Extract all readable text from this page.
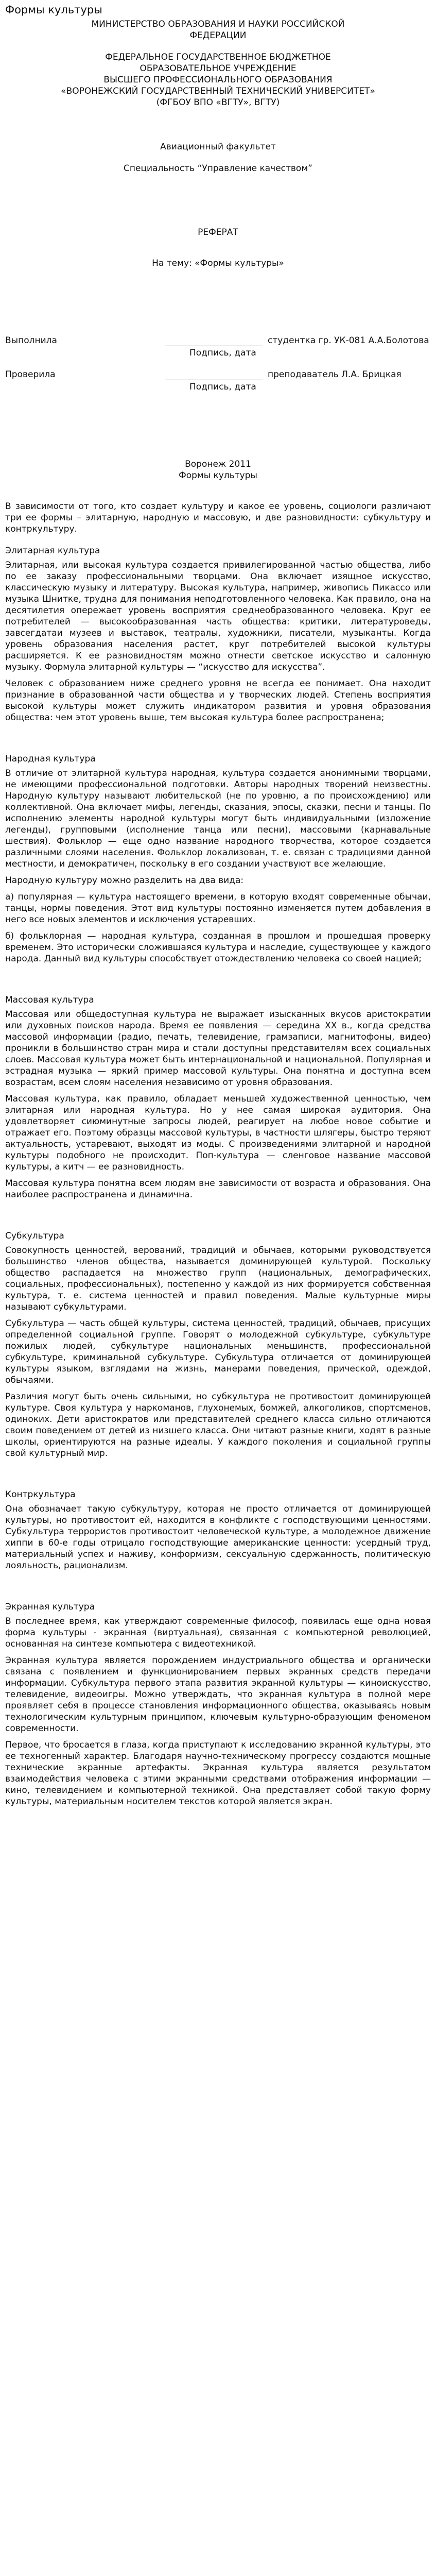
Формы культуры
МИНИСТЕРСТВО ОБРАЗОВАНИЯ И НАУКИ РОССИЙСКОЙ
ФЕДЕРАЦИИ
ФЕДЕРАЛЬНОЕ ГОСУДАРСТВЕННОЕ БЮДЖЕТНОЕ
ОБРАЗОВАТЕЛЬНОЕ УЧРЕЖДЕНИЕ
ВЫСШЕГО ПРОФЕССИОНАЛЬНОГО ОБРАЗОВАНИЯ
«ВОРОНЕЖСКИЙ ГОСУДАРСТВЕННЫЙ ТЕХНИЧЕСКИЙ УНИВЕРСИТЕТ»
(ФГБОУ ВПО «ВГТУ», ВГТУ)
Авиационный факультет
Специальность “Управление качеством”
РЕФЕРАТ
На тему: «Формы культуры»
Выполнила	студентка гр. УК-081 А.А.Болотова
Подпись, дата
Проверила	преподаватель Л.А. Брицкая
Подпись, дата
Воронеж 2011
Формы культуры

В зависимости от того, кто создает культуру и какое ее уровень, социологи различают три ее формы – элитарную, народную и массовую, и две разновидности: субкультуру и контркультуру.

Элитарная культура

Элитарная, или высокая культура создается привилегированной частью общества, либо по ее заказу профессиональными творцами. Она включает изящное искусство, классическую музыку и литературу. Высокая культура, например, живопись Пикассо или музыка Шнитке, трудна для понимания неподготовленного человека. Как правило, она на десятилетия опережает уровень восприятия среднеобразованного человека. Круг ее потребителей — высокообразованная часть общества: критики, литературоведы, завсегдатаи музеев и выставок, театралы, художники, писатели, музыканты. Когда уровень образования населения растет, круг потребителей высокой культуры расширяется. К ее разновидностям можно отнести светское искусство и салонную музыку. Формула элитарной культуры — “искусство для искусства”.

Человек с образованием ниже среднего уровня не всегда ее понимает. Она находит признание в образованной части общества и у творческих людей. Степень восприятия высокой культуры может служить индикатором развития и уровня образования общества: чем этот уровень выше, тем высокая культура более распространена;

Народная культура

В отличие от элитарной культура народная, культура создается анонимными творцами, не имеющими профессиональной подготовки. Авторы народных творений неизвестны. Народную культуру называют любительской (не по уровню, а по происхождению) или коллективной. Она включает мифы, легенды, сказания, эпосы, сказки, песни и танцы. По исполнению элементы народной культуры могут быть индивидуальными (изложение легенды), групповыми (исполнение танца или песни), массовыми (карнавальные шествия). Фольклор — еще одно название народного творчества, которое создается различными слоями населения. Фольклор локализован, т. е. связан с традициями данной местности, и демократичен, поскольку в его создании участвуют все желающие.

Народную культуру можно разделить на два вида:

а) популярная — культура настоящего времени, в которую входят современные обычаи, танцы, нормы поведения. Этот вид культуры постоянно изменяется путем добавления в него все новых элементов и исключения устаревших.

б) фольклорная — народная культура, созданная в прошлом и прошедшая проверку временем. Это исторически сложившаяся культура и наследие, существующее у каждого народа. Данный вид культуры способствует отождествлению человека со своей нацией;

Массовая культура

Массовая или общедоступная культура не выражает изысканных вкусов аристократии или духовных поисков народа. Время ее появления — середина XX в., когда средства массовой информации (радио, печать, телевидение, грамзаписи, магнитофоны, видео) проникли в большинство стран мира и стали доступны представителям всех социальных слоев. Массовая культура может быть интернациональной и национальной. Популярная и эстрадная музыка — яркий пример массовой культуры. Она понятна и доступна всем возрастам, всем слоям населения независимо от уровня образования.

Массовая культура, как правило, обладает меньшей художественной ценностью, чем элитарная или народная культура. Но у нее самая широкая аудитория. Она удовлетворяет сиюминутные запросы людей, реагирует на любое новое событие и отражает его. Поэтому образцы массовой культуры, в частности шлягеры, быстро теряют актуальность, устаревают, выходят из моды. С произведениями элитарной и народной культуры подобного не происходит. Поп-культура — сленговое название массовой культуры, а китч — ее разновидность.

Массовая культура понятна всем людям вне зависимости от возраста и образования. Она наиболее распространена и динамична.

Субкультура

Совокупность ценностей, верований, традиций и обычаев, которыми руководствуется большинство членов общества, называется доминирующей культурой. Поскольку общество распадается на множество групп (национальных, демографических, социальных, профессиональных), постепенно у каждой из них формируется собственная культура, т. е. система ценностей и правил поведения. Малые культурные миры называют субкультурами.

Субкультура — часть общей культуры, система ценностей, традиций, обычаев, присущих определенной социальной группе. Говорят о молодежной субкультуре, субкультуре пожилых людей, субкультуре национальных меньшинств, профессиональной субкультуре, криминальной субкультуре. Субкультура отличается от доминирующей культуры языком, взглядами на жизнь, манерами поведения, прической, одеждой, обычаями.

Различия могут быть очень сильными, но субкультура не противостоит доминирующей культуре. Своя культура у наркоманов, глухонемых, бомжей, алкоголиков, спортсменов, одиноких. Дети аристократов или представителей среднего класса сильно отличаются своим поведением от детей из низшего класса. Они читают разные книги, ходят в разные школы, ориентируются на разные идеалы. У каждого поколения и социальной группы свой культурный мир.

Контркультура

Она обозначает такую субкультуру, которая не просто отличается от доминирующей культуры, но противостоит ей, находится в конфликте с господствующими ценностями. Субкультура террористов противостоит человеческой культуре, а молодежное движение хиппи в 60-е годы отрицало господствующие американские ценности: усердный труд, материальный успех и наживу, конформизм, сексуальную сдержанность, политическую лояльность, рационализм.

Экранная культура

В последнее время, как утверждают современные философ, появилась еще одна новая форма культуры - экранная (виртуальная), связанная с компьютерной революцией, основанная на синтезе компьютера с видеотехникой.

Экранная культура является порождением индустриального общества и органически связана с появлением и функционированием первых экранных средств передачи информации. Субкультура первого этапа развития экранной культуры — киноискусство, телевидение, видеоигры. Можно утверждать, что экранная культура в полной мере проявляет себя в процессе становления информационного общества, оказываясь новым технологическим культурным принципом, ключевым культурно-образующим феноменом современности.

Первое, что бросается в глаза, когда приступают к исследованию экранной культуры, это ее техногенный характер. Благодаря научно-техническому прогрессу создаются мощные технические экранные артефакты. Экранная культура является результатом взаимодействия человека с этими экранными средствами отображения информации — кино, телевидением и компьютерной техникой. Она представляет собой такую форму культуры, материальным носителем текстов которой является экран.
